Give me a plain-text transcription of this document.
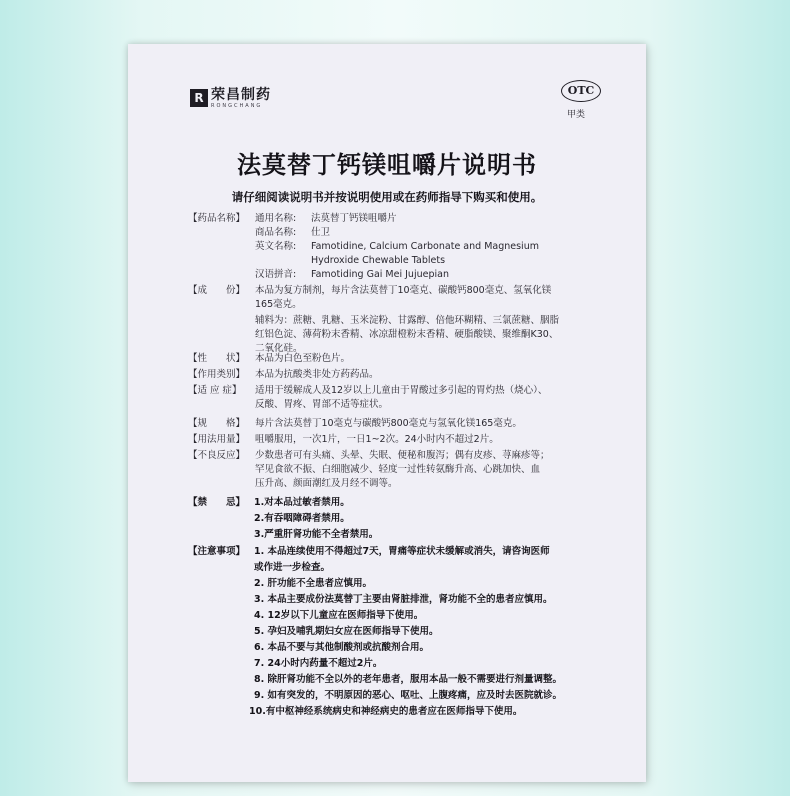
R 荣昌制药
RONGCHANG
OTC
甲类
法莫替丁钙镁咀嚼片说明书
请仔细阅读说明书并按说明使用或在药师指导下购买和使用。
【药品名称】 通用名称:	法莫替丁钙镁咀嚼片
商品名称:	仕卫
英文名称:	Famotidine, Calcium Carbonate and Magnesium
Hydroxide Chewable Tablets
汉语拼音:	Famotiding Gai Mei Jujuepian
【成　　份】 本品为复方制剂，每片含法莫替丁10毫克、碳酸钙800毫克、氢氧化镁
165毫克。
辅料为：蔗糖、乳糖、玉米淀粉、甘露醇、倍他环糊精、三氯蔗糖、胭脂
红铝色淀、薄荷粉末香精、冰凉甜橙粉末香精、硬脂酸镁、聚维酮K30、
二氧化硅。
【性　　状】 本品为白色至粉色片。
【作用类别】 本品为抗酸类非处方药药品。
【适 应 症】 适用于缓解成人及12岁以上儿童由于胃酸过多引起的胃灼热（烧心）、
反酸、胃疼、胃部不适等症状。
【规　　格】 每片含法莫替丁10毫克与碳酸钙800毫克与氢氧化镁165毫克。
【用法用量】 咀嚼服用，一次1片，一日1~2次。24小时内不超过2片。
【不良反应】 少数患者可有头痛、头晕、失眠、便秘和腹泻；偶有皮疹、荨麻疹等；
罕见食欲不振、白细胞减少、轻度一过性转氨酶升高、心跳加快、血
压升高、颜面潮红及月经不调等。
【禁　　忌】 1.对本品过敏者禁用。
2.有吞咽障碍者禁用。
3.严重肝肾功能不全者禁用。
【注意事项】 1. 本品连续使用不得超过7天，胃痛等症状未缓解或消失，请咨询医师
或作进一步检查。
2. 肝功能不全患者应慎用。
3. 本品主要成份法莫替丁主要由肾脏排泄，肾功能不全的患者应慎用。
4. 12岁以下儿童应在医师指导下使用。
5. 孕妇及哺乳期妇女应在医师指导下使用。
6. 本品不要与其他制酸剂或抗酸剂合用。
7. 24小时内药量不超过2片。
8. 除肝肾功能不全以外的老年患者，服用本品一般不需要进行剂量调整。
9. 如有突发的，不明原因的恶心、呕吐、上腹疼痛，应及时去医院就诊。
10.有中枢神经系统病史和神经病史的患者应在医师指导下使用。
